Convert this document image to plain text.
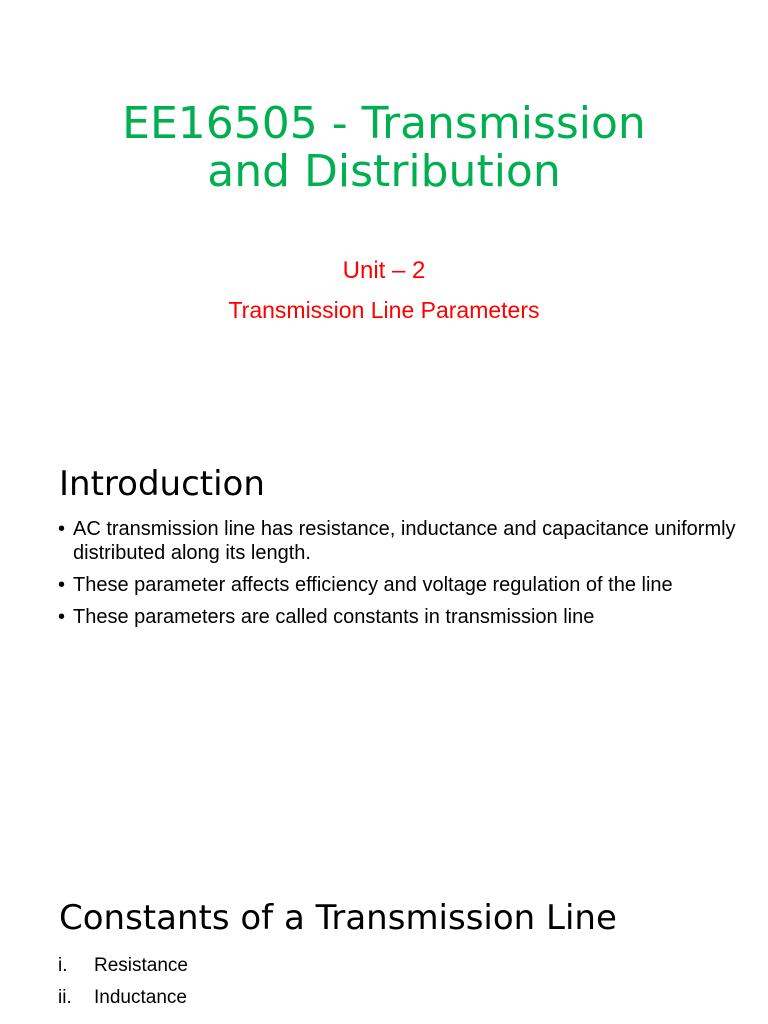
EE16505 - Transmission
and Distribution
Unit – 2
Transmission Line Parameters
Introduction
• AC transmission line has resistance, inductance and capacitance uniformly distributed along its length.
• These parameter affects efficiency and voltage regulation of the line
• These parameters are called constants in transmission line
Constants of a Transmission Line
i.	Resistance
ii.	Inductance
